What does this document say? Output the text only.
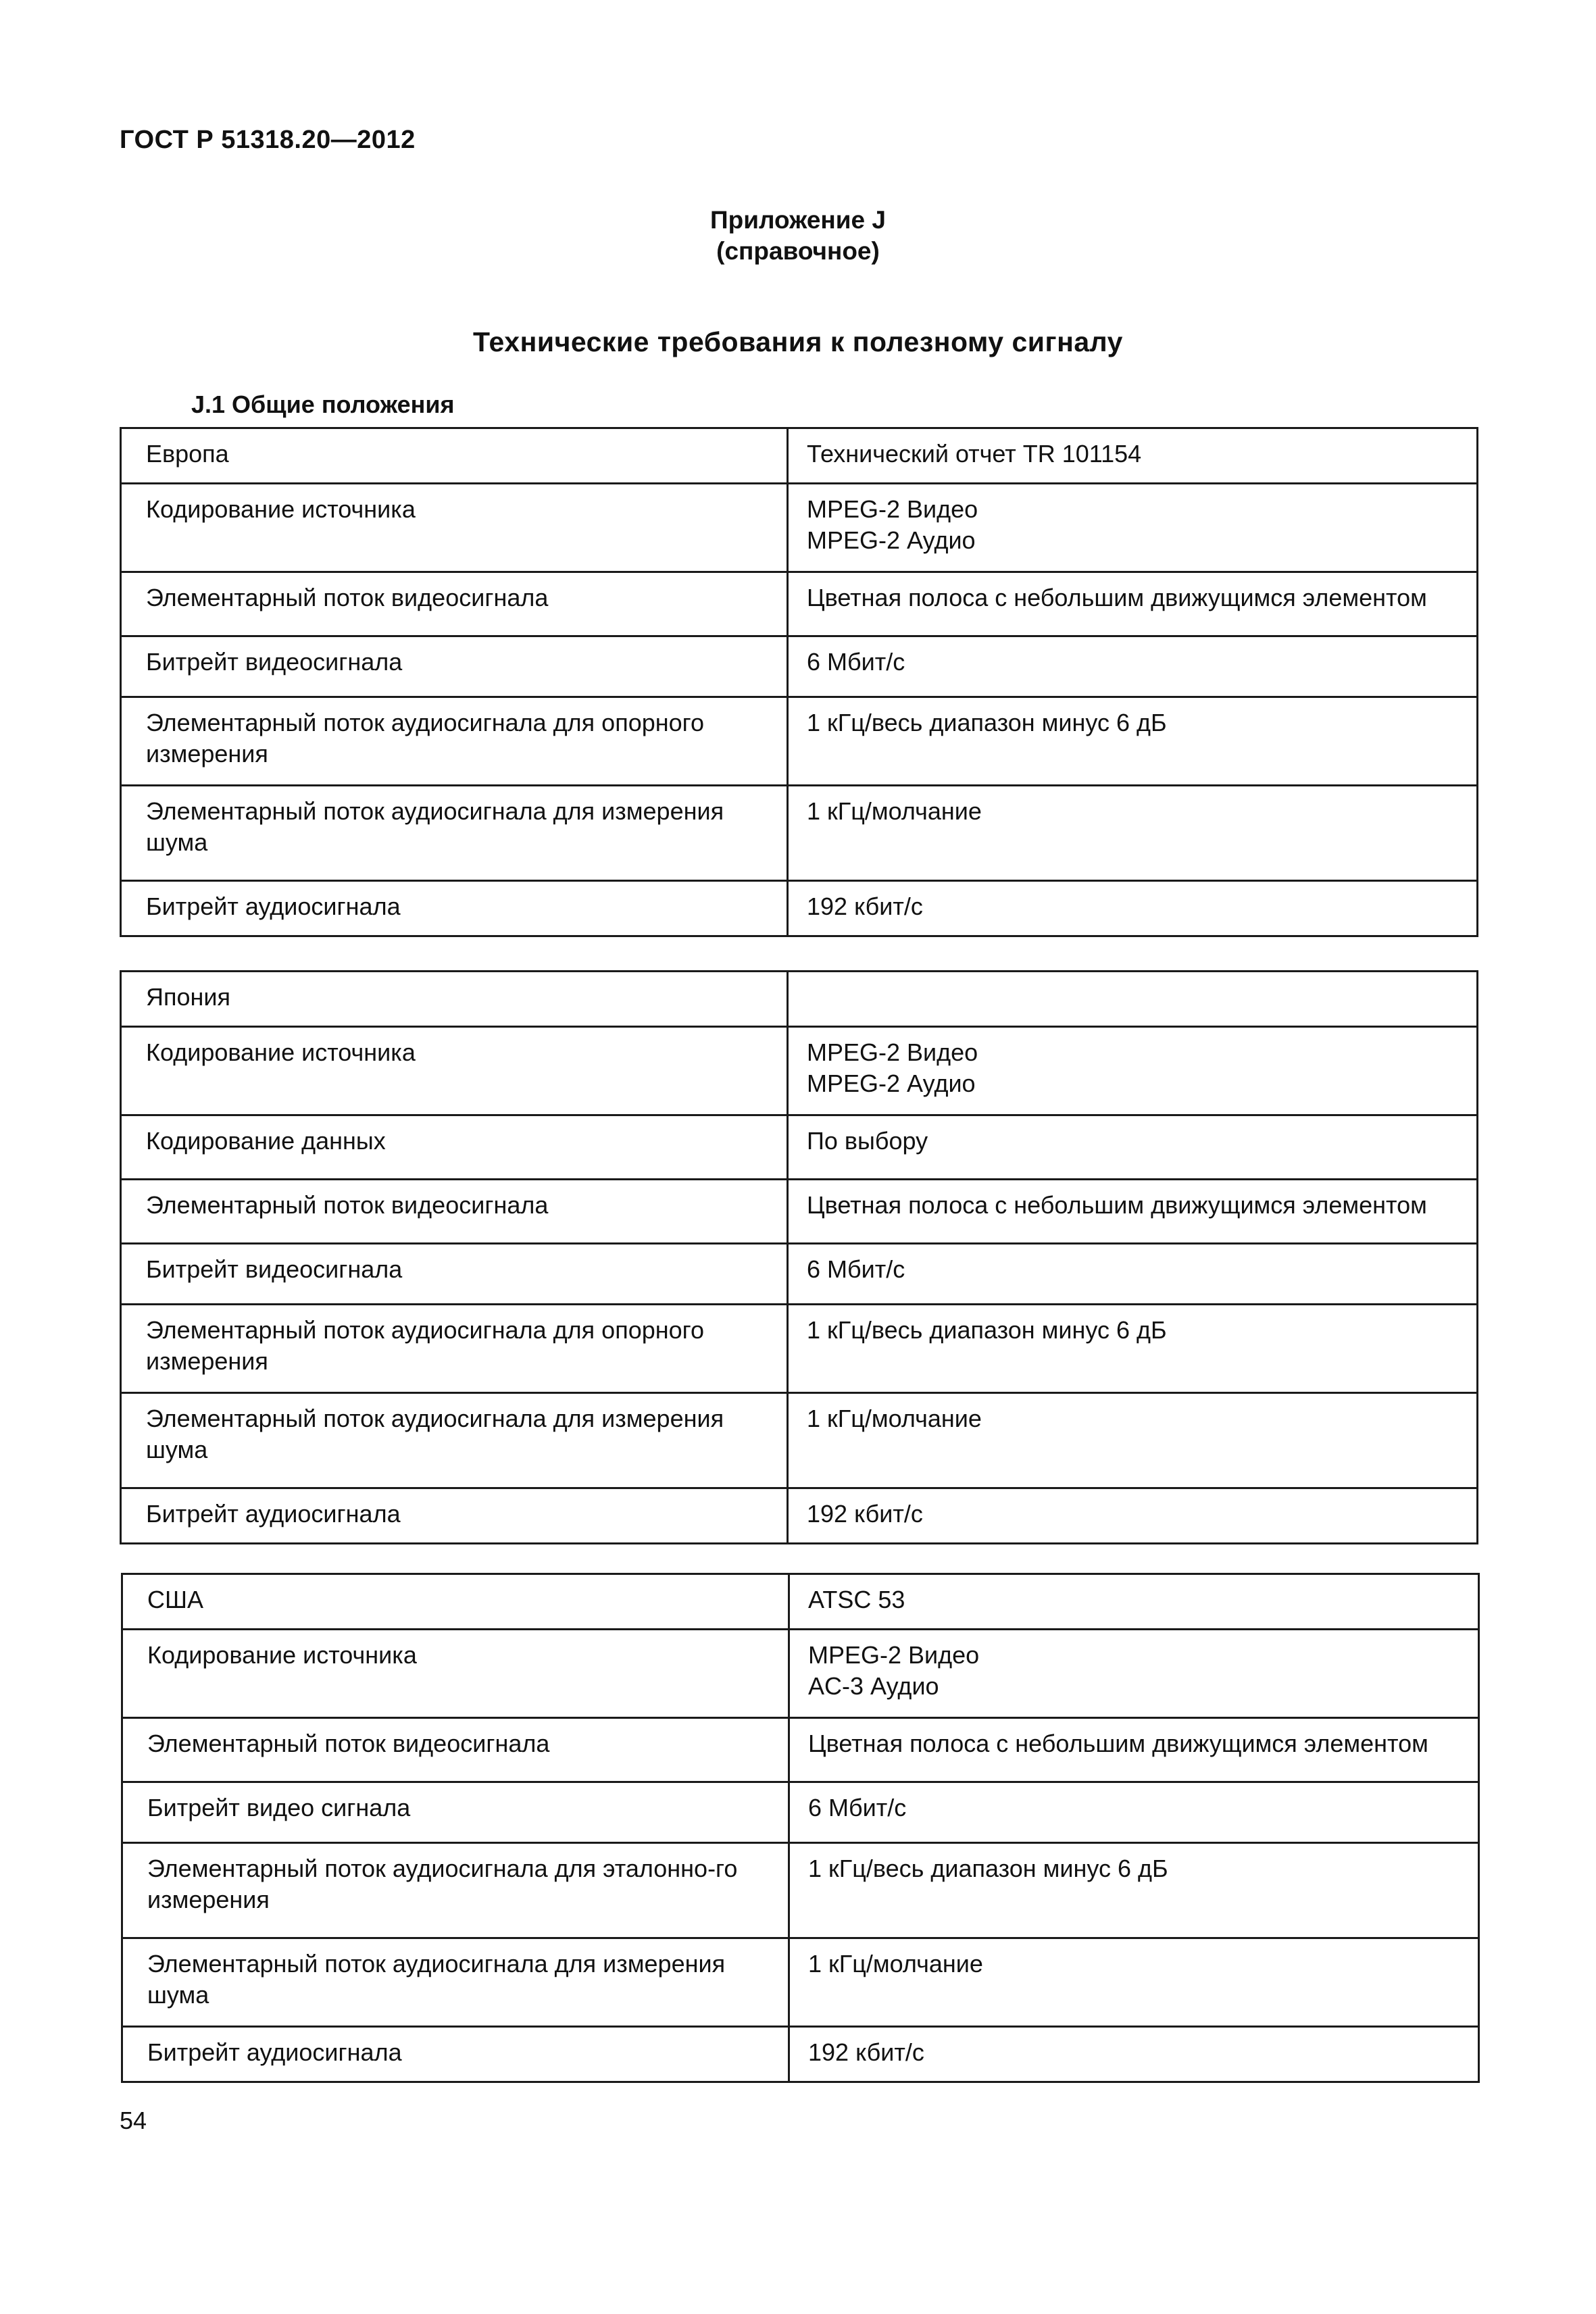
ГОСТ Р 51318.20—2012
Приложение J
(справочное)
Технические требования к полезному сигналу
J.1 Общие положения
Европа	Технический отчет TR 101154
Кодирование источника	MPEG-2 Видео
MPEG-2 Аудио
Элементарный поток видеосигнала	Цветная полоса с небольшим движущимся элементом
Битрейт видеосигнала	6 Мбит/с
Элементарный поток аудиосигнала для опорного измерения	1 кГц/весь диапазон минус 6 дБ
Элементарный поток аудиосигнала для измерения шума	1 кГц/молчание
Битрейт аудиосигнала	192 кбит/с
Япония	
Кодирование источника	MPEG-2 Видео
MPEG-2 Аудио
Кодирование данных	По выбору
Элементарный поток видеосигнала	Цветная полоса с небольшим движущимся элементом
Битрейт видеосигнала	6 Мбит/с
Элементарный поток аудиосигнала для опорного измерения	1 кГц/весь диапазон минус 6 дБ
Элементарный поток аудиосигнала для измерения шума	1 кГц/молчание
Битрейт аудиосигнала	192 кбит/с
США	ATSC 53
Кодирование источника	MPEG-2 Видео
AC-3 Аудио
Элементарный поток видеосигнала	Цветная полоса с небольшим движущимся элементом
Битрейт видео сигнала	6 Мбит/с
Элементарный поток аудиосигнала для эталонно-го измерения	1 кГц/весь диапазон минус 6 дБ
Элементарный поток аудиосигнала для измерения шума	1 кГц/молчание
Битрейт аудиосигнала	192 кбит/с
54
